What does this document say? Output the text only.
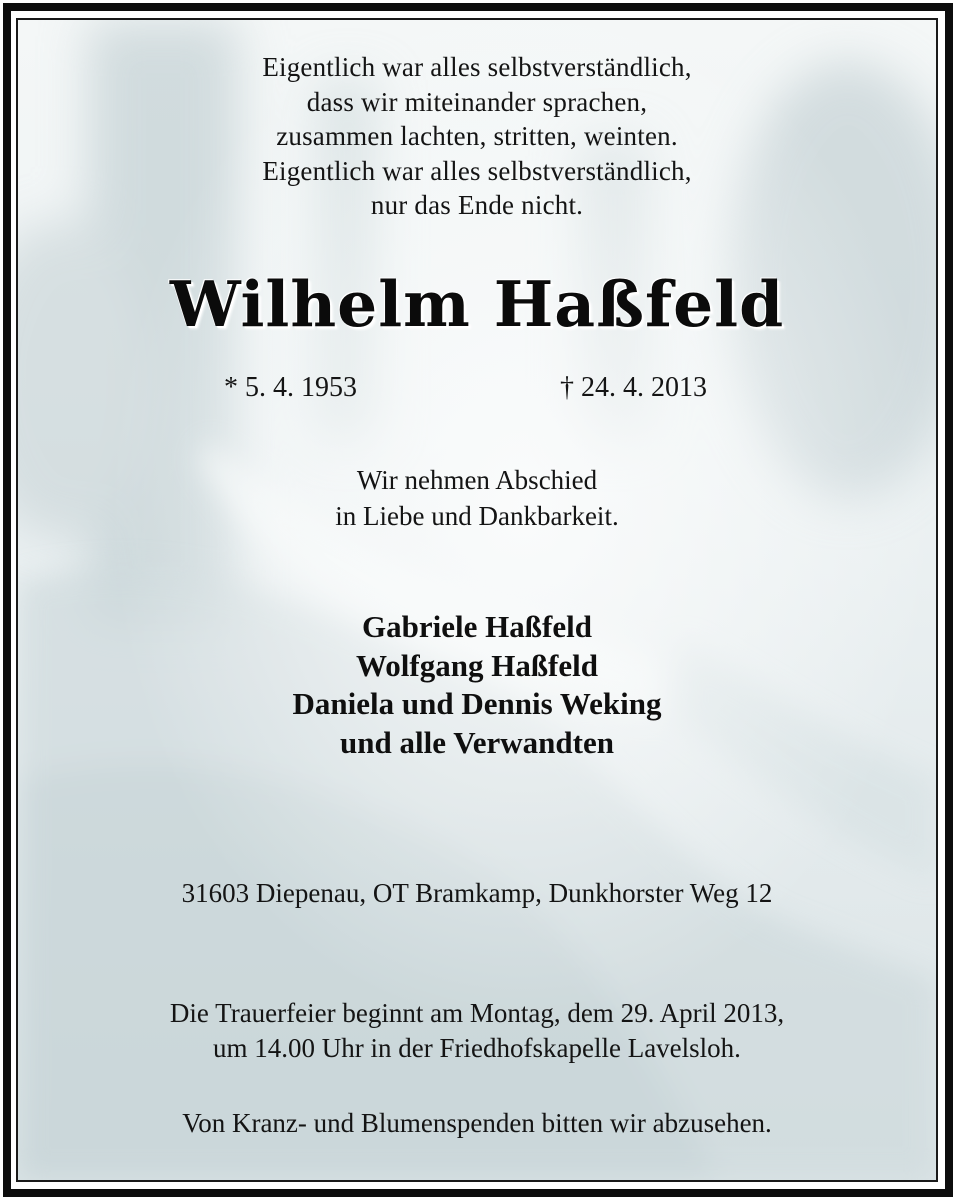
Eigentlich war alles selbstverständlich,
dass wir miteinander sprachen,
zusammen lachten, stritten, weinten.
Eigentlich war alles selbstverständlich,
nur das Ende nicht.
Wilhelm Haßfeld
* 5. 4. 1953	† 24. 4. 2013
Wir nehmen Abschied
in Liebe und Dankbarkeit.
Gabriele Haßfeld
Wolfgang Haßfeld
Daniela und Dennis Weking
und alle Verwandten
31603 Diepenau, OT Bramkamp, Dunkhorster Weg 12
Die Trauerfeier beginnt am Montag, dem 29. April 2013,
um 14.00 Uhr in der Friedhofskapelle Lavelsloh.
Von Kranz- und Blumenspenden bitten wir abzusehen.
